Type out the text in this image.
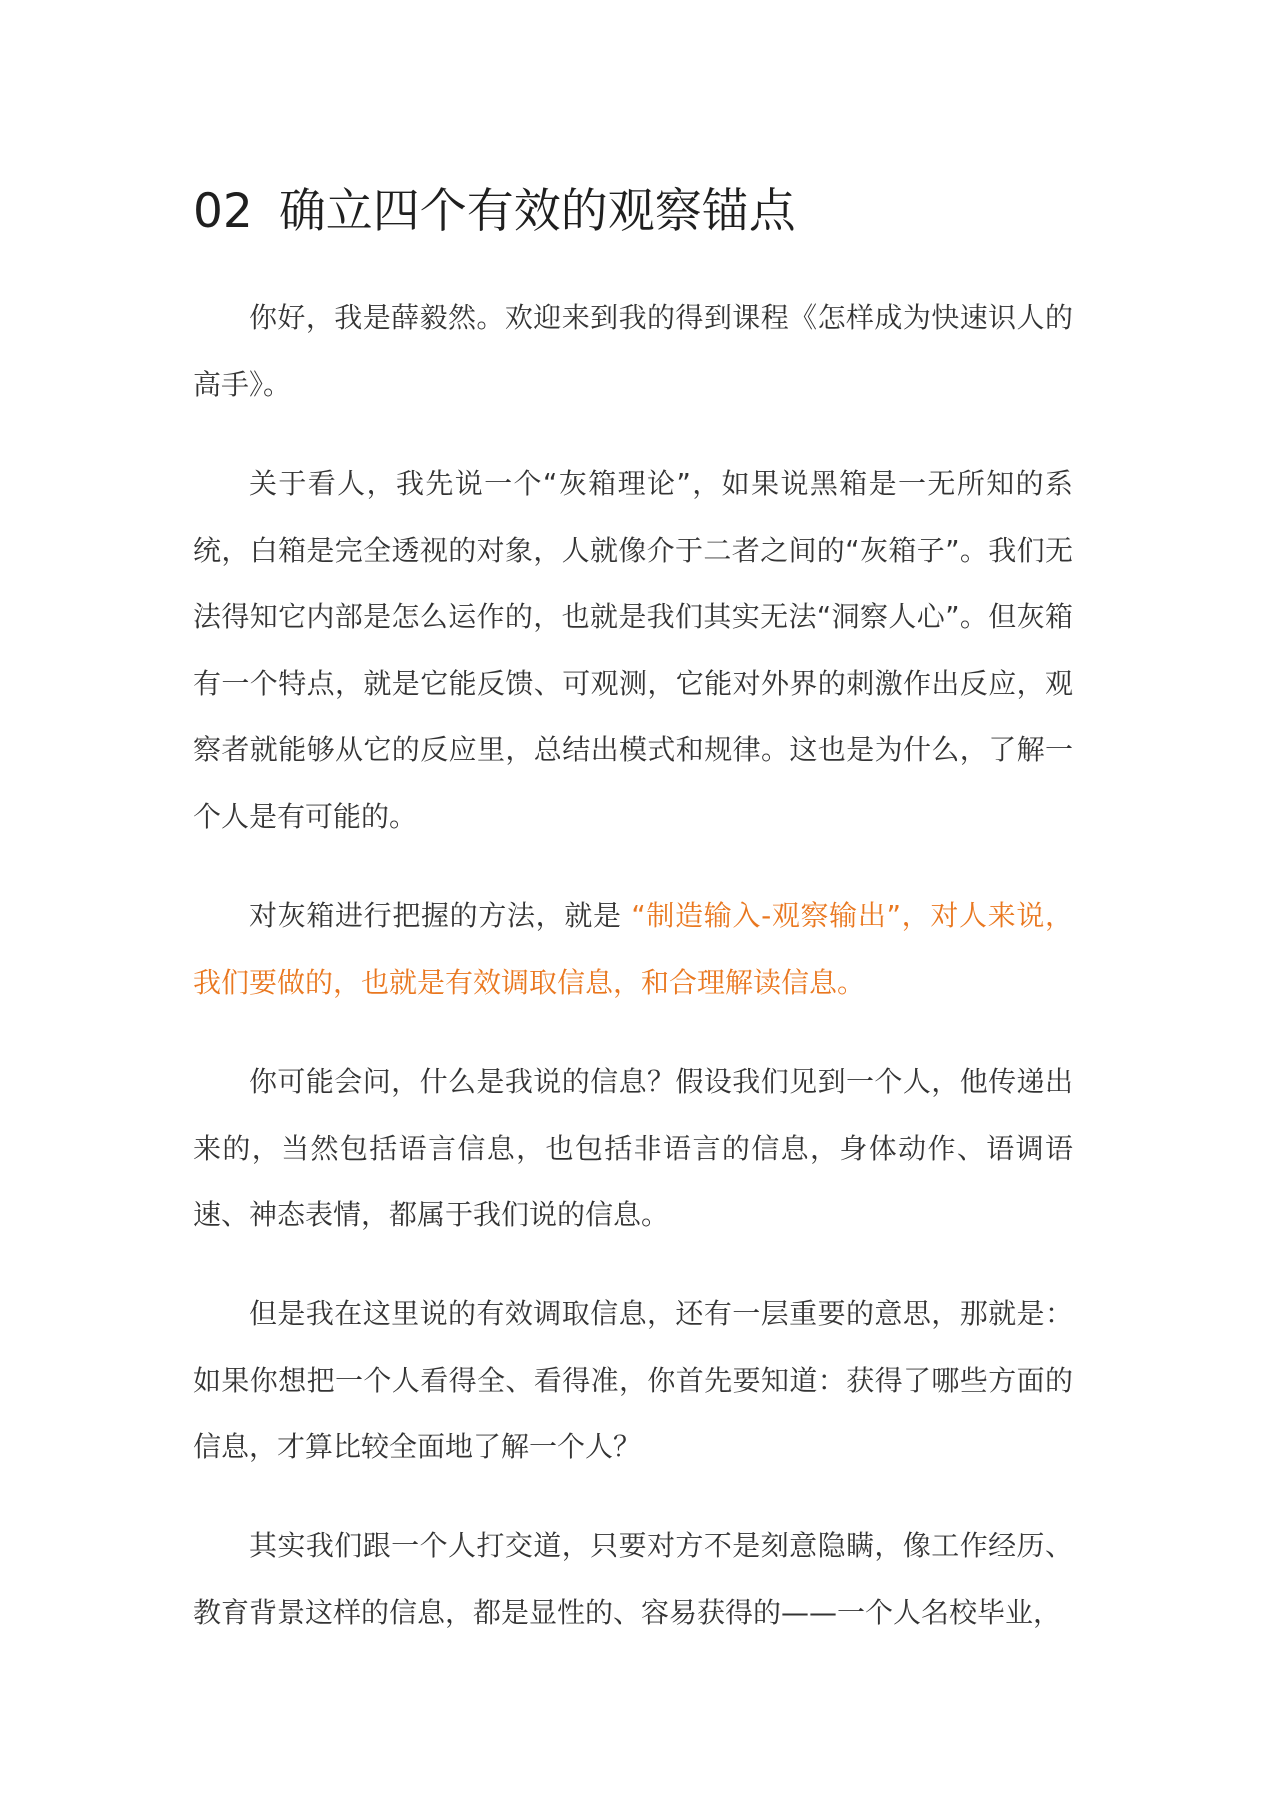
02 确立四个有效的观察锚点

你好，我是薛毅然。欢迎来到我的得到课程《怎样成为快速识人的高手》。

关于看人，我先说一个“灰箱理论”，如果说黑箱是一无所知的系统，白箱是完全透视的对象，人就像介于二者之间的“灰箱子”。我们无法得知它内部是怎么运作的，也就是我们其实无法“洞察人心”。但灰箱有一个特点，就是它能反馈、可观测，它能对外界的刺激作出反应，观察者就能够从它的反应里，总结出模式和规律。这也是为什么，了解一个人是有可能的。

对灰箱进行把握的方法，就是 “制造输入-观察输出”，对人来说，我们要做的，也就是有效调取信息，和合理解读信息。

你可能会问，什么是我说的信息？假设我们见到一个人，他传递出来的，当然包括语言信息，也包括非语言的信息，身体动作、语调语速、神态表情，都属于我们说的信息。

但是我在这里说的有效调取信息，还有一层重要的意思，那就是：如果你想把一个人看得全、看得准，你首先要知道：获得了哪些方面的信息，才算比较全面地了解一个人？

其实我们跟一个人打交道，只要对方不是刻意隐瞒，像工作经历、教育背景这样的信息，都是显性的、容易获得的——一个人名校毕业，
